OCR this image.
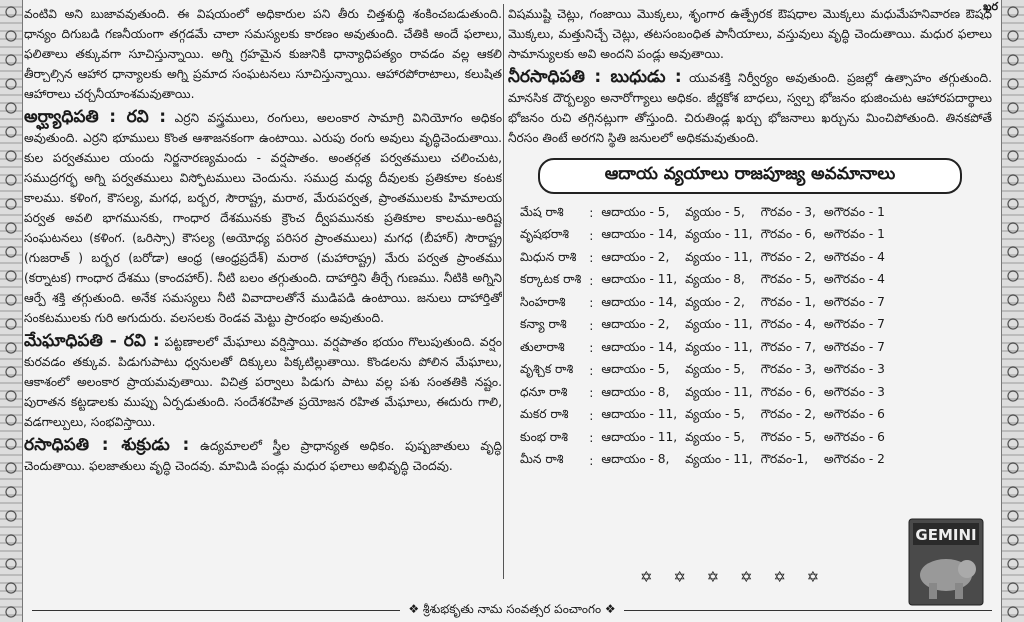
ఖర

వంటివి అని బుజావవుతుంది. ఈ విషయంలో అధికారుల పని తీరు చిత్తశుద్ధి శంకించబడుతుంది. ధాన్యం దిగుబడి గణనీయంగా తగ్గడమే చాలా సమస్యలకు కారణం అవుతుంది. చేతికి అందే ఫలాలు, ఫలితాలు తక్కువగా సూచిస్తున్నాయి. అగ్ని గ్రహమైన కుజునికి ధాన్యాధిపత్యం రావడం వల్ల ఆకలి తీర్చాల్సిన ఆహార ధాన్యాలకు అగ్ని ప్రమాద సంఘటనలు సూచిస్తున్నాయి. ఆహారపోరాటాలు, కలుషిత ఆహారాలు చర్చనీయాంశమవుతాయి.

అర్ఘ్యాధిపతి : రవి : ఎర్రని వస్త్రములు, రంగులు, అలంకార సామాగ్రి వినియోగం అధికం అవుతుంది. ఎర్రని భూములు కొంత ఆశాజనకంగా ఉంటాయి. ఎరుపు రంగు అవులు వృద్ధిచెందుతాయి. కుల పర్వతముల యందు నిర్జనారణ్యమందు - వర్షపాతం. అంతర్గత పర్వతములు చలించుట, సముద్రగర్భ అగ్ని పర్వతములు విస్ఫోటములు చెందును. సముద్ర మధ్య దీవులకు ప్రతికూల కంటక కాలము. కళింగ, కౌసల్య, మగధ, బర్బర, సౌరాష్ట్ర, మరాఠ, మేరుపర్వత, ప్రాంతములకు హిమాలయ పర్వత అవలి భాగమునకు, గాంధార దేశమునకు క్రౌంచ ద్వీపమునకు ప్రతికూల కాలము-అరిష్ట సంఘటనలు (కళింగ. (ఒరిస్సా) కౌసల్య (అయోధ్య పరిసర ప్రాంతములు) మగధ (బీహార్) సౌరాష్ట్ర (గుజరాత్ ) బర్బర (బరోడా) ఆంధ్ర (ఆంధ్రప్రదేశ్) మరాఠ (మహారాష్ట్ర) మేరు పర్వత ప్రాంతము (కర్నాటక) గాంధార దేశము (కాందహార్). నీటి బలం తగ్గుతుంది. దాహార్తిని తీర్చే గుణము. నీటికి అగ్నిని ఆర్పే శక్తి తగ్గుతుంది. అనేక సమస్యలు నీటి వివాదాలతోనే ముడిపడి ఉంటాయి. జనులు దాహార్తితో సంకటములకు గురి అగుదురు. వలసలకు రెండవ మెట్టు ప్రారంభం అవుతుంది.

మేఘాధిపతి - రవి : పట్టణాలలో మేఘాలు వర్షిస్తాయి. వర్షపాతం భయం గొలుపుతుంది. వర్షం కురవడం తక్కువ. పిడుగుపాటు ధ్వనులతో దిక్కులు పిక్కటిల్లుతాయి. కొండలను పోలిన మేఘాలు, ఆకాశంలో అలంకార ప్రాయమవుతాయి. విచిత్ర పర్వాలు పిడుగు పాటు వల్ల పశు సంతతికి నష్టం. పురాతన కట్టడాలకు ముప్పు ఏర్పడుతుంది. సందేశరహిత ప్రయోజన రహిత మేఘాలు, ఈదురు గాలి, వడగాల్పులు, సంభవిస్తాయి.

రసాధిపతి : శుక్రుడు : ఉద్యమాలలో స్త్రీల ప్రాధాన్యత అధికం. పుష్పజాతులు వృద్ధి చెందుతాయి. ఫలజాతులు వృద్ధి చెందవు. మామిడి పండ్లు మధుర ఫలాలు అభివృద్ధి చెందవు.

విషముష్టి చెట్లు, గంజాయి మొక్కలు, శృంగార ఉత్ప్రేరక ఔషధాల మొక్కలు మధుమేహనివారణ ఔషధ మొక్కలు, మత్తునిచ్చే చెట్లు, తటసంబంధిత పానీయాలు, వస్తువులు వృద్ధి చెందుతాయి. మధుర ఫలాలు సామాన్యులకు అవి అందని పండ్లు అవుతాయి.

నీరసాధిపతి : బుధుడు : యువశక్తి నిర్వీర్యం అవుతుంది. ప్రజల్లో ఉత్సాహం తగ్గుతుంది. మానసిక దౌర్బల్యం అనారోగ్యాలు అధికం. జీర్ణకోశ బాధలు, స్వల్ప భోజనం భుజించుట ఆహారపదార్థాలు భోజనం రుచి తగ్గినట్లుగా తోస్తుంది. చిరుతిండ్ల ఖర్చు భోజనాలు ఖర్చును మించిపోతుంది. తినకపోతే నీరసం తింటే అరగని స్థితి జనులలో అధికమవుతుంది.

ఆదాయ వ్యయాలు రాజపూజ్య అవమానాలు
మేష రాశి	:	ఆదాయం - 5,	వ్యయం - 5,	గౌరవం - 3,	అగౌరవం - 1
వృషభరాశి	:	ఆదాయం - 14,	వ్యయం - 11,	గౌరవం - 6,	అగౌరవం - 1
మిధున రాశి	:	ఆదాయం - 2,	వ్యయం - 11,	గౌరవం - 2,	అగౌరవం - 4
కర్కాటక రాశి	:	ఆదాయం - 11,	వ్యయం - 8,	గౌరవం - 5,	అగౌరవం - 4
సింహరాశి	:	ఆదాయం - 14,	వ్యయం - 2,	గౌరవం - 1,	అగౌరవం - 7
కన్యా రాశి	:	ఆదాయం - 2,	వ్యయం - 11,	గౌరవం - 4,	అగౌరవం - 7
తులారాశి	:	ఆదాయం - 14,	వ్యయం - 11,	గౌరవం - 7,	అగౌరవం - 7
వృశ్చిక రాశి	:	ఆదాయం - 5,	వ్యయం - 5,	గౌరవం - 3,	అగౌరవం - 3
ధనూ రాశి	:	ఆదాయం - 8,	వ్యయం - 11,	గౌరవం - 6,	అగౌరవం - 3
మకర రాశి	:	ఆదాయం - 11,	వ్యయం - 5,	గౌరవం - 2,	అగౌరవం - 6
కుంభ రాశి	:	ఆదాయం - 11,	వ్యయం - 5,	గౌరవం - 5,	అగౌరవం - 6
మీన రాశి	:	ఆదాయం - 8,	వ్యయం - 11,	గౌరవం-1,	అగౌరవం - 2
✡ ✡ ✡ ✡ ✡ ✡
GEMINI
❖ శ్రీశుభకృతు నామ సంవత్సర పంచాంగం ❖
